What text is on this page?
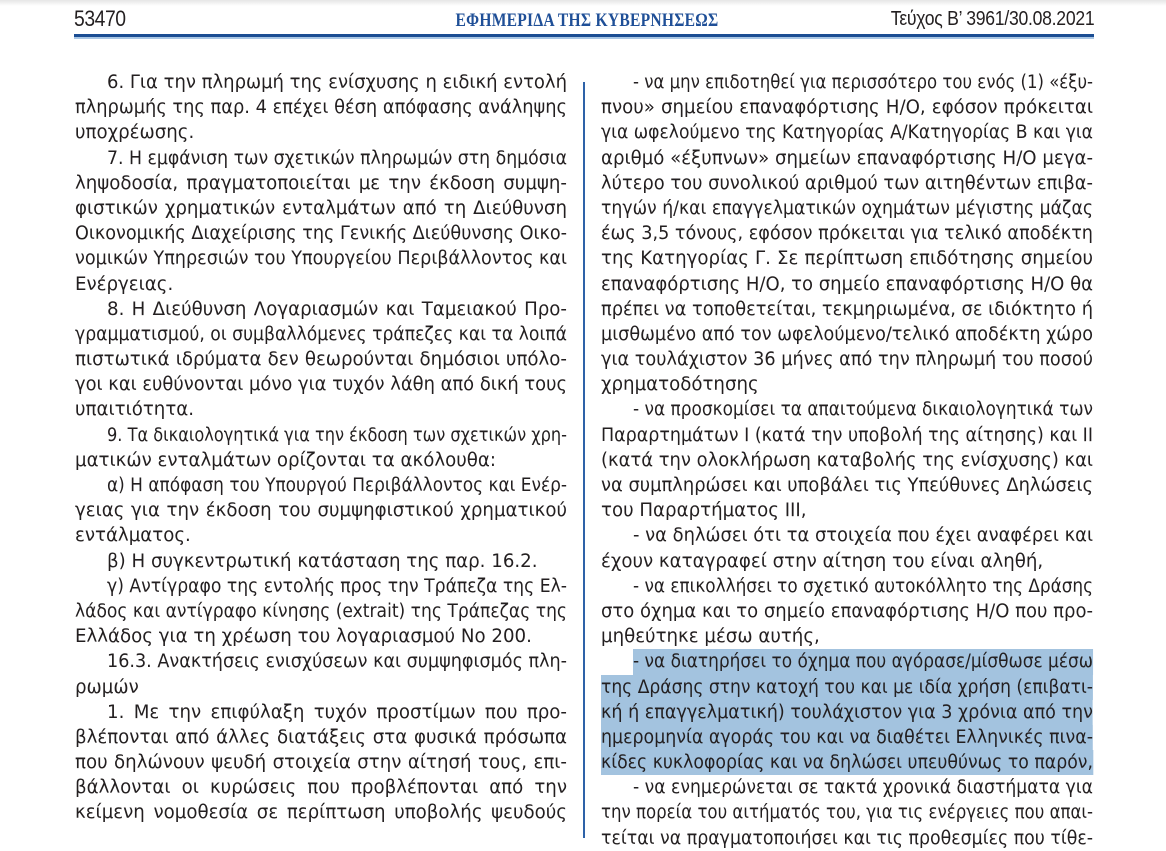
53470	ΕΦΗΜΕΡΙΔΑ ΤΗΣ ΚΥΒΕΡΝΗΣΕΩΣ	Τεύχος Β’ 3961/30.08.2021
6. Για την πληρωμή της ενίσχυσης η ειδική εντολή
πληρωμής της παρ. 4 επέχει θέση απόφασης ανάληψης
υποχρέωσης.
7. Η εμφάνιση των σχετικών πληρωμών στη δημόσια
ληψοδοσία, πραγματοποιείται με την έκδοση συμψη-
φιστικών χρηματικών ενταλμάτων από τη Διεύθυνση
Οικονομικής Διαχείρισης της Γενικής Διεύθυνσης Οικο-
νομικών Υπηρεσιών του Υπουργείου Περιβάλλοντος και
Ενέργειας.
8. Η Διεύθυνση Λογαριασμών και Ταμειακού Προ-
γραμματισμού, οι συμβαλλόμενες τράπεζες και τα λοιπά
πιστωτικά ιδρύματα δεν θεωρούνται δημόσιοι υπόλο-
γοι και ευθύνονται μόνο για τυχόν λάθη από δική τους
υπαιτιότητα.
9. Τα δικαιολογητικά για την έκδοση των σχετικών χρη-
ματικών ενταλμάτων ορίζονται τα ακόλουθα:
α) Η απόφαση του Υπουργού Περιβάλλοντος και Ενέρ-
γειας για την έκδοση του συμψηφιστικού χρηματικού
εντάλματος.
β) Η συγκεντρωτική κατάσταση της παρ. 16.2.
γ) Αντίγραφο της εντολής προς την Τράπεζα της Ελ-
λάδος και αντίγραφο κίνησης (extrait) της Τράπεζας της
Ελλάδος για τη χρέωση του λογαριασμού Νο 200.
16.3. Ανακτήσεις ενισχύσεων και συμψηφισμός πλη-
ρωμών
1. Με την επιφύλαξη τυχόν προστίμων που προ-
βλέπονται από άλλες διατάξεις στα φυσικά πρόσωπα
που δηλώνουν ψευδή στοιχεία στην αίτησή τους, επι-
βάλλονται οι κυρώσεις που προβλέπονται από την
κείμενη νομοθεσία σε περίπτωση υποβολής ψευδούς
- να μην επιδοτηθεί για περισσότερο του ενός (1) «έξυ-
πνου» σημείου επαναφόρτισης Η/Ο, εφόσον πρόκειται
για ωφελούμενο της Κατηγορίας Α/Κατηγορίας Β και για
αριθμό «έξυπνων» σημείων επαναφόρτισης Η/Ο μεγα-
λύτερο του συνολικού αριθμού των αιτηθέντων επιβα-
τηγών ή/και επαγγελματικών οχημάτων μέγιστης μάζας
έως 3,5 τόνους, εφόσον πρόκειται για τελικό αποδέκτη
της Κατηγορίας Γ. Σε περίπτωση επιδότησης σημείου
επαναφόρτισης Η/Ο, το σημείο επαναφόρτισης Η/Ο θα
πρέπει να τοποθετείται, τεκμηριωμένα, σε ιδιόκτητο ή
μισθωμένο από τον ωφελούμενο/τελικό αποδέκτη χώρο
για τουλάχιστον 36 μήνες από την πληρωμή του ποσού
χρηματοδότησης
- να προσκομίσει τα απαιτούμενα δικαιολογητικά των
Παραρτημάτων Ι (κατά την υποβολή της αίτησης) και ΙΙ
(κατά την ολοκλήρωση καταβολής της ενίσχυσης) και
να συμπληρώσει και υποβάλει τις Υπεύθυνες Δηλώσεις
του Παραρτήματος ΙΙΙ,
- να δηλώσει ότι τα στοιχεία που έχει αναφέρει και
έχουν καταγραφεί στην αίτηση του είναι αληθή,
- να επικολλήσει το σχετικό αυτοκόλλητο της Δράσης
στο όχημα και το σημείο επαναφόρτισης Η/Ο που προ-
μηθεύτηκε μέσω αυτής,
- να διατηρήσει το όχημα που αγόρασε/μίσθωσε μέσω
της Δράσης στην κατοχή του και με ιδία χρήση (επιβατι-
κή ή επαγγελματική) τουλάχιστον για 3 χρόνια από την
ημερομηνία αγοράς του και να διαθέτει Ελληνικές πινα-
κίδες κυκλοφορίας και να δηλώσει υπευθύνως το παρόν,
- να ενημερώνεται σε τακτά χρονικά διαστήματα για
την πορεία του αιτήματός του, για τις ενέργειες που απαι-
τείται να πραγματοποιήσει και τις προθεσμίες που τίθε-
